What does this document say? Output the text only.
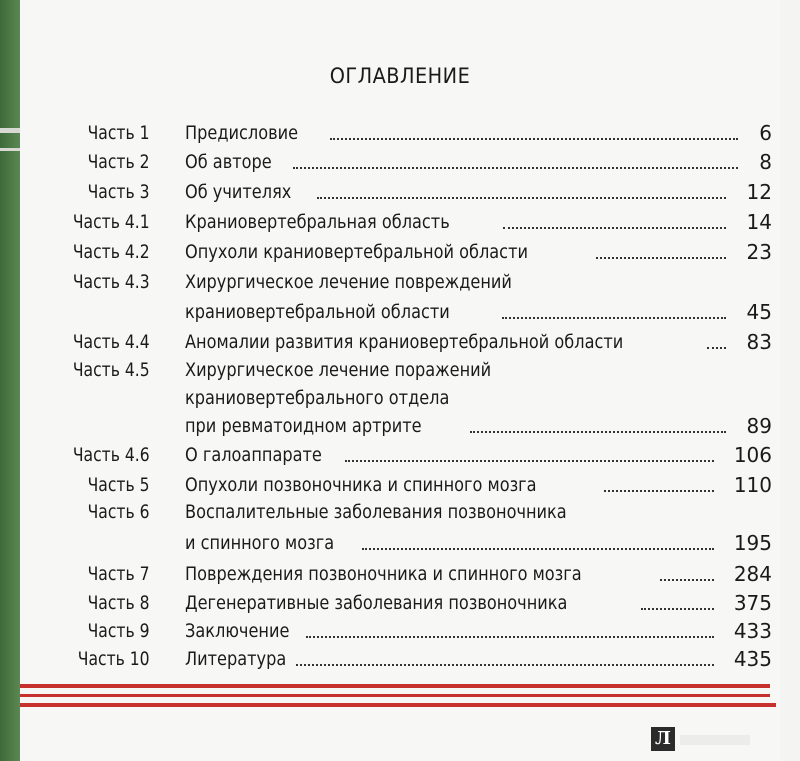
ОГЛАВЛЕНИЕ
Часть 1 Предисловие	6
Часть 2 Об авторе	8
Часть 3 Об учителях	12
Часть 4.1 Краниовертебральная область	14
Часть 4.2 Опухоли краниовертебральной области	23
Часть 4.3 Хирургическое лечение повреждений
краниовертебральной области	45
Часть 4.4 Аномалии развития краниовертебральной области	83
Часть 4.5 Хирургическое лечение поражений
краниовертебрального отдела
при ревматоидном артрите	89
Часть 4.6 О галоаппарате	106
Часть 5 Опухоли позвоночника и спинного мозга	110
Часть 6 Воспалительные заболевания позвоночника
и спинного мозга	195
Часть 7 Повреждения позвоночника и спинного мозга	284
Часть 8 Дегенеративные заболевания позвоночника	375
Часть 9 Заключение	433
Часть 10 Литература	435
Л
